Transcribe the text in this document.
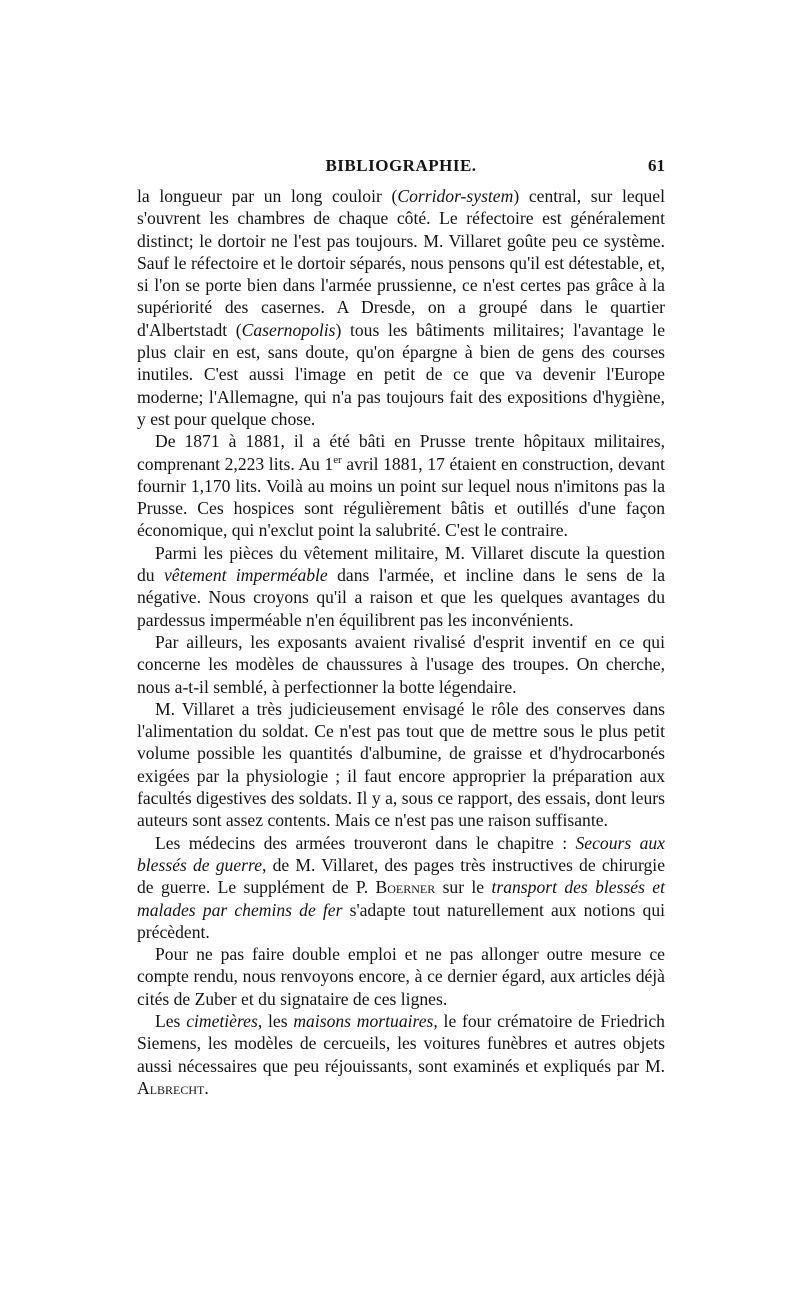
BIBLIOGRAPHIE.	61

la longueur par un long couloir (Corridor-system) central, sur lequel s'ouvrent les chambres de chaque côté. Le réfectoire est généralement distinct; le dortoir ne l'est pas toujours. M. Villaret goûte peu ce système. Sauf le réfectoire et le dortoir séparés, nous pensons qu'il est détestable, et, si l'on se porte bien dans l'armée prussienne, ce n'est certes pas grâce à la supériorité des casernes. A Dresde, on a groupé dans le quartier d'Albertstadt (Casernopolis) tous les bâtiments militaires; l'avantage le plus clair en est, sans doute, qu'on épargne à bien de gens des courses inutiles. C'est aussi l'image en petit de ce que va devenir l'Europe moderne; l'Allemagne, qui n'a pas toujours fait des expositions d'hygiène, y est pour quelque chose.

De 1871 à 1881, il a été bâti en Prusse trente hôpitaux militaires, comprenant 2,223 lits. Au 1er avril 1881, 17 étaient en construction, devant fournir 1,170 lits. Voilà au moins un point sur lequel nous n'imitons pas la Prusse. Ces hospices sont régulièrement bâtis et outillés d'une façon économique, qui n'exclut point la salubrité. C'est le contraire.

Parmi les pièces du vêtement militaire, M. Villaret discute la question du vêtement imperméable dans l'armée, et incline dans le sens de la négative. Nous croyons qu'il a raison et que les quelques avantages du pardessus imperméable n'en équilibrent pas les inconvénients.

Par ailleurs, les exposants avaient rivalisé d'esprit inventif en ce qui concerne les modèles de chaussures à l'usage des troupes. On cherche, nous a-t-il semblé, à perfectionner la botte légendaire.

M. Villaret a très judicieusement envisagé le rôle des conserves dans l'alimentation du soldat. Ce n'est pas tout que de mettre sous le plus petit volume possible les quantités d'albumine, de graisse et d'hydrocarbonés exigées par la physiologie ; il faut encore approprier la préparation aux facultés digestives des soldats. Il y a, sous ce rapport, des essais, dont leurs auteurs sont assez contents. Mais ce n'est pas une raison suffisante.

Les médecins des armées trouveront dans le chapitre : Secours aux blessés de guerre, de M. Villaret, des pages très instructives de chirurgie de guerre. Le supplément de P. Boerner sur le transport des blessés et malades par chemins de fer s'adapte tout naturellement aux notions qui précèdent.

Pour ne pas faire double emploi et ne pas allonger outre mesure ce compte rendu, nous renvoyons encore, à ce dernier égard, aux articles déjà cités de Zuber et du signataire de ces lignes.

Les cimetières, les maisons mortuaires, le four crématoire de Friedrich Siemens, les modèles de cercueils, les voitures funèbres et autres objets aussi nécessaires que peu réjouissants, sont examinés et expliqués par M. Albrecht.
